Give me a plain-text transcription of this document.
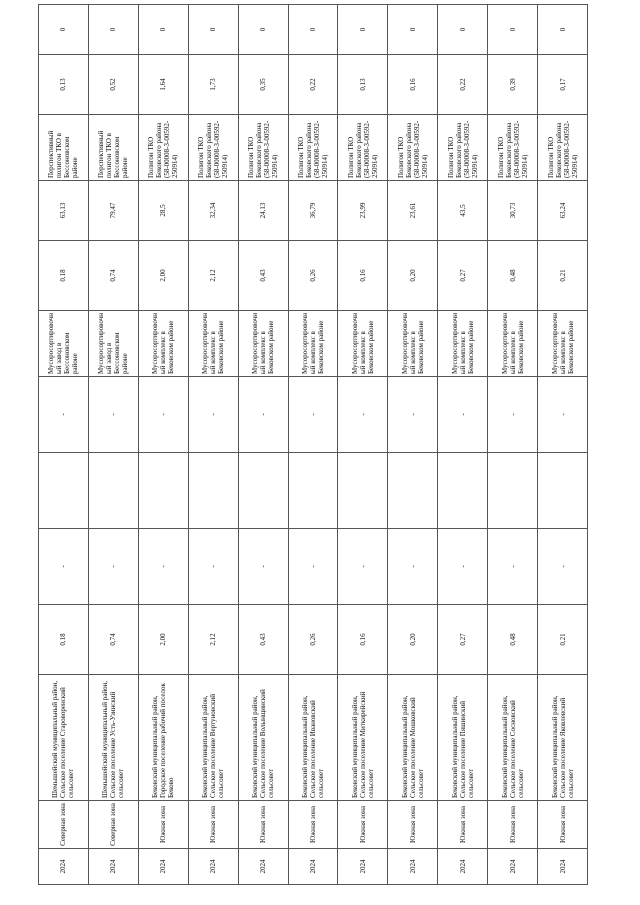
2024	Северная зона	Шемышейский муниципальный район, Сельское поселение Староворенский сельсовет	0,18	-		-	Мусоросортировочный завод в Бессоновском районе	0,18	63,13	Перспективный полигон ТКО в Бессоновском районе	0,13	0
2024	Северная зона	Шемышейский муниципальный район, Сельское поселение Усть-Узинский сельсовет	0,74	-		-	Мусоросортировочный завод в Бессоновском районе	0,74	79,47	Перспективный полигон ТКО в Бессоновском районе	0,52	0
2024	Южная зона	Бековский муниципальный район, Городское поселение рабочий поселок Беково	2,00	-		-	Мусоросортировочный комплекс в Бековском районе	2,00	28,5	Полигон ТКО Бековского района (58-00008-З-00592-250914)	1,64	0
2024	Южная зона	Бековский муниципальный район, Сельское поселение Вертуновский сельсовет	2,12	-		-	Мусоросортировочный комплекс в Бековском районе	2,12	32,34	Полигон ТКО Бековского района (58-00008-З-00592-250914)	1,73	0
2024	Южная зона	Бековский муниципальный район, Сельское поселение Волынщинский сельсовет	0,43	-		-	Мусоросортировочный комплекс в Бековском районе	0,43	24,13	Полигон ТКО Бековского района (58-00008-З-00592-250914)	0,35	0
2024	Южная зона	Бековский муниципальный район, Сельское поселение Ивановский сельсовет	0,26	-		-	Мусоросортировочный комплекс в Бековском районе	0,26	36,79	Полигон ТКО Бековского района (58-00008-З-00592-250914)	0,22	0
2024	Южная зона	Бековский муниципальный район, Сельское поселение Миткирейский сельсовет	0,16	-		-	Мусоросортировочный комплекс в Бековском районе	0,16	23,99	Полигон ТКО Бековского района (58-00008-З-00592-250914)	0,13	0
2024	Южная зона	Бековский муниципальный район, Сельское поселение Мошковский сельсовет	0,20	-		-	Мусоросортировочный комплекс в Бековском районе	0,20	23,61	Полигон ТКО Бековского района (58-00008-З-00592-250914)	0,16	0
2024	Южная зона	Бековский муниципальный район, Сельское поселение Пяшинский сельсовет	0,27	-		-	Мусоросортировочный комплекс в Бековском районе	0,27	43,5	Полигон ТКО Бековского района (58-00008-З-00592-250914)	0,22	0
2024	Южная зона	Бековский муниципальный район, Сельское поселение Сосновский сельсовет	0,48	-		-	Мусоросортировочный комплекс в Бековском районе	0,48	30,73	Полигон ТКО Бековского района (58-00008-З-00592-250914)	0,39	0
2024	Южная зона	Бековский муниципальный район, Сельское поселение Яковлевский сельсовет	0,21	-		-	Мусоросортировочный комплекс в Бековском районе	0,21	63,24	Полигон ТКО Бековского района (58-00008-З-00592-250914)	0,17	0
